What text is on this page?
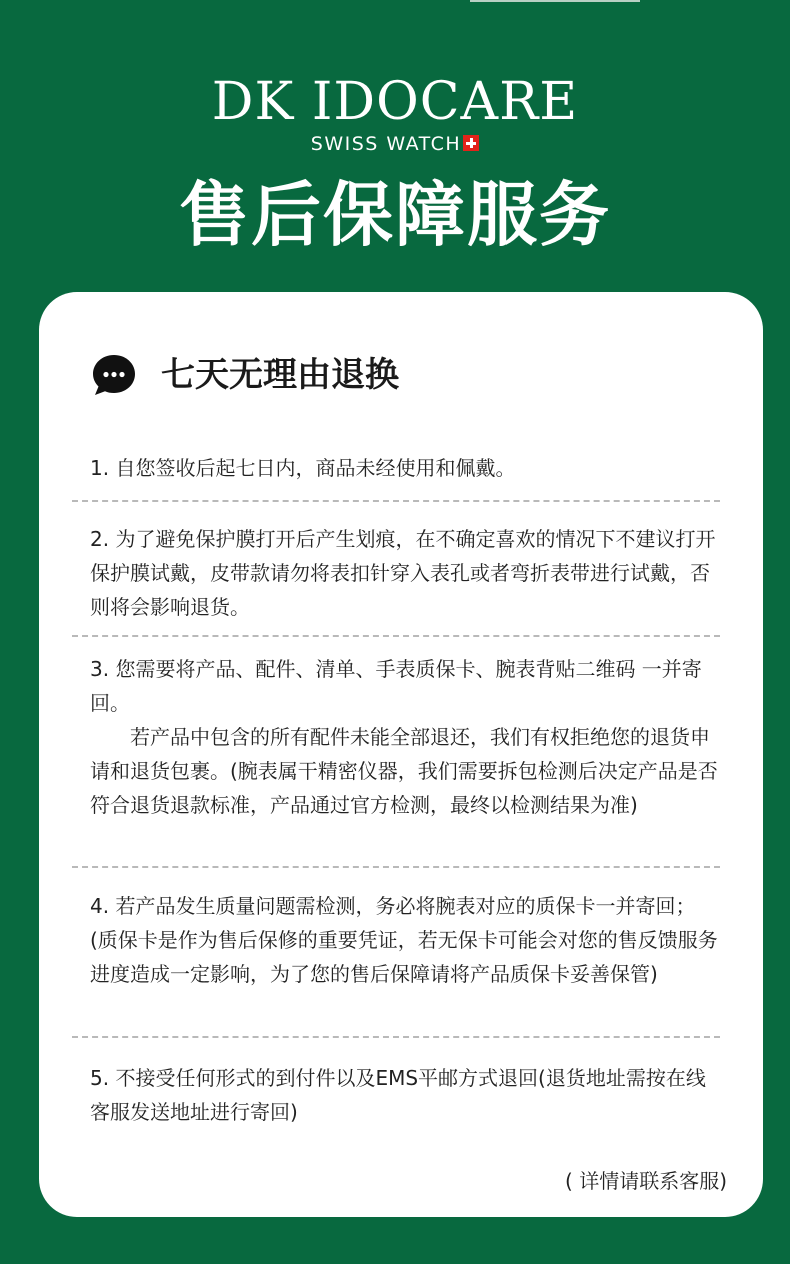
DK IDOCARE
SWISS WATCH
售后保障服务
七天无理由退换

1. 自您签收后起七日内，商品未经使用和佩戴。

2. 为了避免保护膜打开后产生划痕，在不确定喜欢的情况下不建议打开保护膜试戴，皮带款请勿将表扣针穿入表孔或者弯折表带进行试戴，否则将会影响退货。

3. 您需要将产品、配件、清单、手表质保卡、腕表背贴二维码 一并寄回。

若产品中包含的所有配件未能全部退还，我们有权拒绝您的退货申请和退货包裹。(腕表属干精密仪器，我们需要拆包检测后决定产品是否符合退货退款标准，产品通过官方检测，最终以检测结果为准)

4. 若产品发生质量问题需检测，务必将腕表对应的质保卡一并寄回；(质保卡是作为售后保修的重要凭证，若无保卡可能会对您的售反馈服务进度造成一定影响，为了您的售后保障请将产品质保卡妥善保管)

5. 不接受任何形式的到付件以及EMS平邮方式退回(退货地址需按在线客服发送地址进行寄回)

( 详情请联系客服)
